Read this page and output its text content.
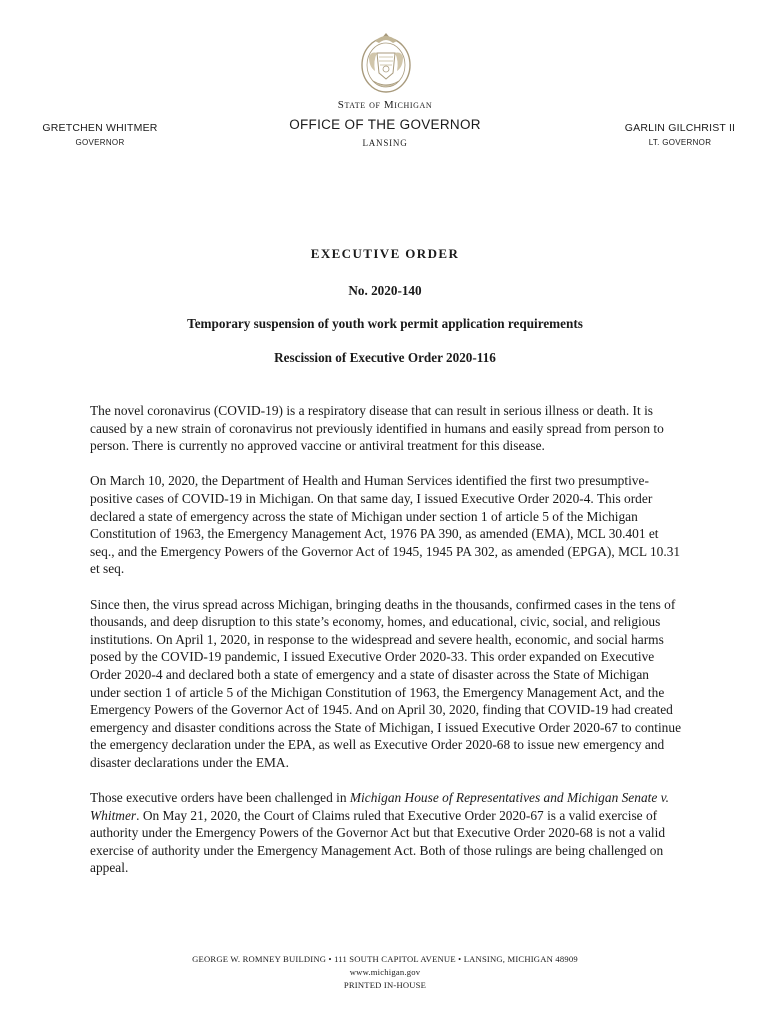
State of Michigan
OFFICE OF THE GOVERNOR
LANSING
GRETCHEN WHITMER
GOVERNOR
GARLIN GILCHRIST II
LT. GOVERNOR
EXECUTIVE ORDER
No. 2020-140
Temporary suspension of youth work permit application requirements
Rescission of Executive Order 2020-116

The novel coronavirus (COVID-19) is a respiratory disease that can result in serious illness or death. It is caused by a new strain of coronavirus not previously identified in humans and easily spread from person to person. There is currently no approved vaccine or antiviral treatment for this disease.

On March 10, 2020, the Department of Health and Human Services identified the first two presumptive-positive cases of COVID-19 in Michigan. On that same day, I issued Executive Order 2020-4. This order declared a state of emergency across the state of Michigan under section 1 of article 5 of the Michigan Constitution of 1963, the Emergency Management Act, 1976 PA 390, as amended (EMA), MCL 30.401 et seq., and the Emergency Powers of the Governor Act of 1945, 1945 PA 302, as amended (EPGA), MCL 10.31 et seq.

Since then, the virus spread across Michigan, bringing deaths in the thousands, confirmed cases in the tens of thousands, and deep disruption to this state’s economy, homes, and educational, civic, social, and religious institutions. On April 1, 2020, in response to the widespread and severe health, economic, and social harms posed by the COVID-19 pandemic, I issued Executive Order 2020-33. This order expanded on Executive Order 2020-4 and declared both a state of emergency and a state of disaster across the State of Michigan under section 1 of article 5 of the Michigan Constitution of 1963, the Emergency Management Act, and the Emergency Powers of the Governor Act of 1945. And on April 30, 2020, finding that COVID-19 had created emergency and disaster conditions across the State of Michigan, I issued Executive Order 2020-67 to continue the emergency declaration under the EPA, as well as Executive Order 2020-68 to issue new emergency and disaster declarations under the EMA.

Those executive orders have been challenged in Michigan House of Representatives and Michigan Senate v. Whitmer. On May 21, 2020, the Court of Claims ruled that Executive Order 2020-67 is a valid exercise of authority under the Emergency Powers of the Governor Act but that Executive Order 2020-68 is not a valid exercise of authority under the Emergency Management Act. Both of those rulings are being challenged on appeal.

GEORGE W. ROMNEY BUILDING • 111 SOUTH CAPITOL AVENUE • LANSING, MICHIGAN 48909
www.michigan.gov
PRINTED IN-HOUSE
